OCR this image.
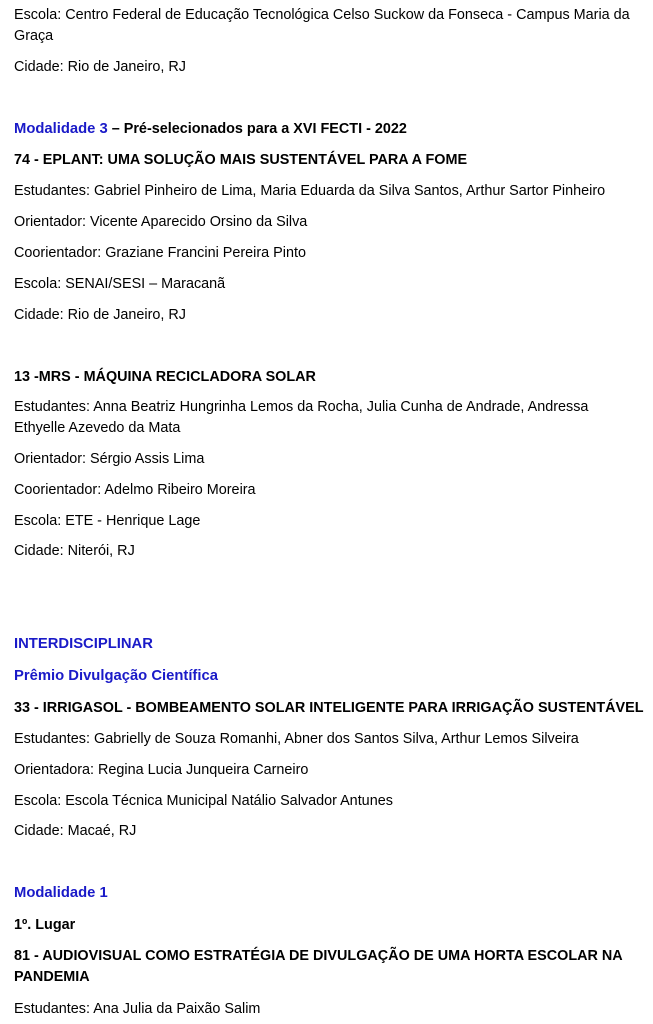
Escola: Centro Federal de Educação Tecnológica Celso Suckow da Fonseca - Campus Maria da Graça
Cidade: Rio de Janeiro, RJ
Modalidade 3 – Pré-selecionados para a XVI FECTI - 2022
74 - EPLANT: UMA SOLUÇÃO MAIS SUSTENTÁVEL PARA A FOME
Estudantes: Gabriel Pinheiro de Lima, Maria Eduarda da Silva Santos, Arthur Sartor Pinheiro
Orientador: Vicente Aparecido Orsino da Silva
Coorientador: Graziane Francini Pereira Pinto
Escola: SENAI/SESI – Maracanã
Cidade: Rio de Janeiro, RJ
13 -MRS - MÁQUINA RECICLADORA SOLAR
Estudantes: Anna Beatriz Hungrinha Lemos da Rocha, Julia Cunha de Andrade, Andressa Ethyelle Azevedo da Mata
Orientador: Sérgio Assis Lima
Coorientador: Adelmo Ribeiro Moreira
Escola: ETE - Henrique Lage
Cidade: Niterói, RJ
INTERDISCIPLINAR
Prêmio Divulgação Científica
33 - IRRIGASOL - BOMBEAMENTO SOLAR INTELIGENTE PARA IRRIGAÇÃO SUSTENTÁVEL
Estudantes: Gabrielly de Souza Romanhi, Abner dos Santos Silva, Arthur Lemos Silveira
Orientadora: Regina Lucia Junqueira Carneiro
Escola: Escola Técnica Municipal Natálio Salvador Antunes
Cidade: Macaé, RJ
Modalidade 1
1º. Lugar
81 - AUDIOVISUAL COMO ESTRATÉGIA DE DIVULGAÇÃO DE UMA HORTA ESCOLAR NA PANDEMIA
Estudantes: Ana Julia da Paixão Salim
